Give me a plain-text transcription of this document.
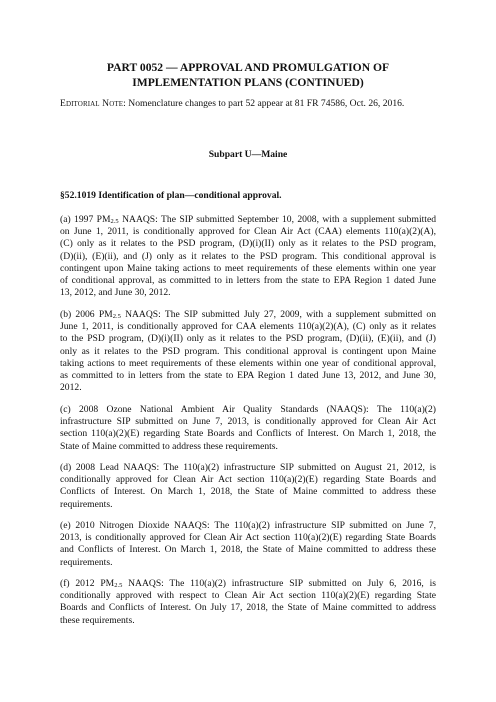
PART 0052 — APPROVAL AND PROMULGATION OF
IMPLEMENTATION PLANS (CONTINUED)
Editorial Note: Nomenclature changes to part 52 appear at 81 FR 74586, Oct. 26, 2016.
Subpart U—Maine
§52.1019 Identification of plan—conditional approval.
(a) 1997 PM2.5 NAAQS: The SIP submitted September 10, 2008, with a supplement submitted
on June 1, 2011, is conditionally approved for Clean Air Act (CAA) elements 110(a)(2)(A),
(C) only as it relates to the PSD program, (D)(i)(II) only as it relates to the PSD program,
(D)(ii), (E)(ii), and (J) only as it relates to the PSD program. This conditional approval is
contingent upon Maine taking actions to meet requirements of these elements within one year
of conditional approval, as committed to in letters from the state to EPA Region 1 dated June
13, 2012, and June 30, 2012.
(b) 2006 PM2.5 NAAQS: The SIP submitted July 27, 2009, with a supplement submitted on
June 1, 2011, is conditionally approved for CAA elements 110(a)(2)(A), (C) only as it relates
to the PSD program, (D)(i)(II) only as it relates to the PSD program, (D)(ii), (E)(ii), and (J)
only as it relates to the PSD program. This conditional approval is contingent upon Maine
taking actions to meet requirements of these elements within one year of conditional approval,
as committed to in letters from the state to EPA Region 1 dated June 13, 2012, and June 30,
2012.
(c) 2008 Ozone National Ambient Air Quality Standards (NAAQS): The 110(a)(2)
infrastructure SIP submitted on June 7, 2013, is conditionally approved for Clean Air Act
section 110(a)(2)(E) regarding State Boards and Conflicts of Interest. On March 1, 2018, the
State of Maine committed to address these requirements.
(d) 2008 Lead NAAQS: The 110(a)(2) infrastructure SIP submitted on August 21, 2012, is
conditionally approved for Clean Air Act section 110(a)(2)(E) regarding State Boards and
Conflicts of Interest. On March 1, 2018, the State of Maine committed to address these
requirements.
(e) 2010 Nitrogen Dioxide NAAQS: The 110(a)(2) infrastructure SIP submitted on June 7,
2013, is conditionally approved for Clean Air Act section 110(a)(2)(E) regarding State Boards
and Conflicts of Interest. On March 1, 2018, the State of Maine committed to address these
requirements.
(f) 2012 PM2.5 NAAQS: The 110(a)(2) infrastructure SIP submitted on July 6, 2016, is
conditionally approved with respect to Clean Air Act section 110(a)(2)(E) regarding State
Boards and Conflicts of Interest. On July 17, 2018, the State of Maine committed to address
these requirements.
